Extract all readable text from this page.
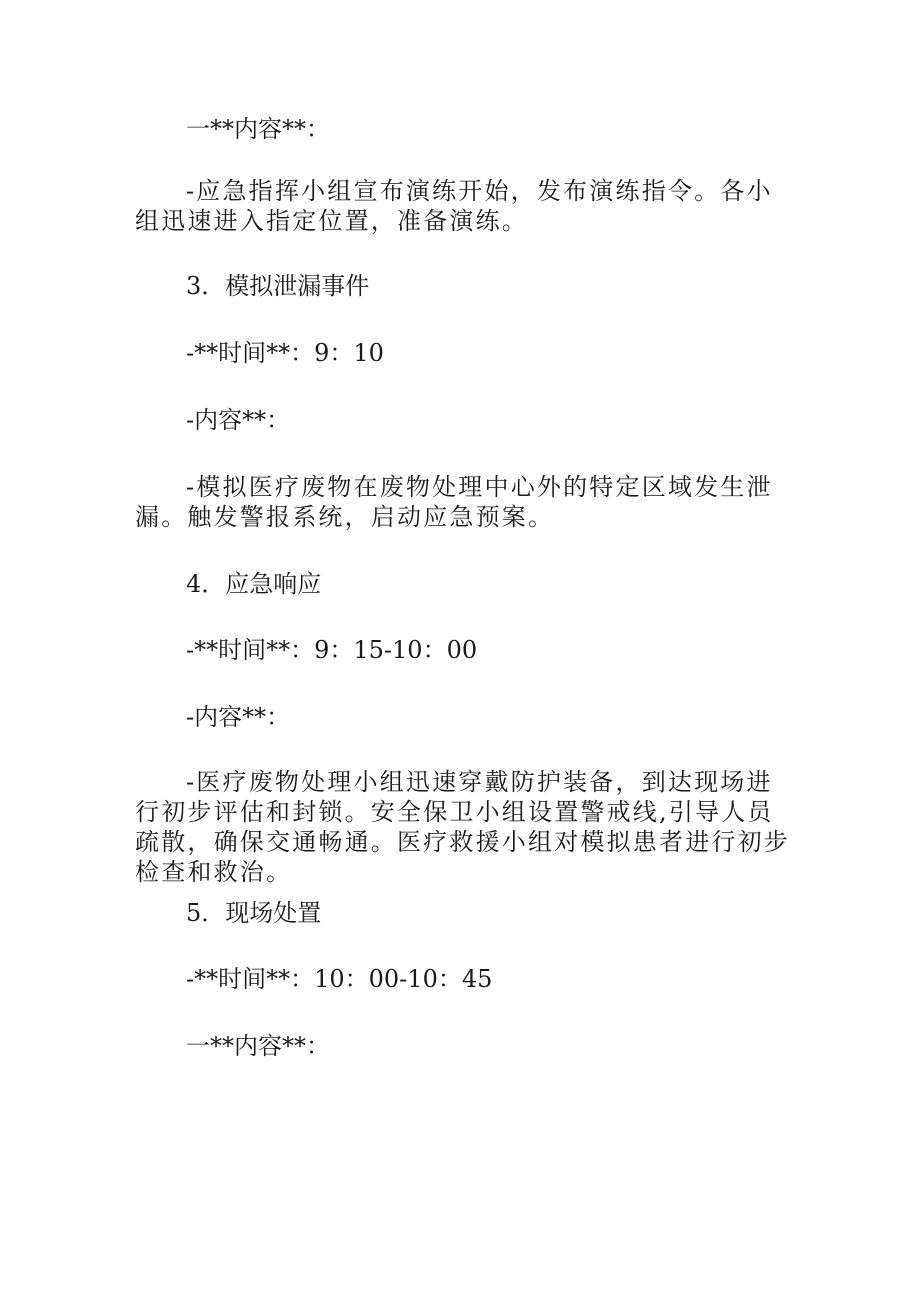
一**内容**：
-应急指挥小组宣布演练开始，发布演练指令。各小组迅速进入指定位置，准备演练。
3．模拟泄漏事件
-**时间**：9：10
-内容**：
-模拟医疗废物在废物处理中心外的特定区域发生泄漏。触发警报系统，启动应急预案。
4．应急响应
-**时间**：9：15-10：00
-内容**：
-医疗废物处理小组迅速穿戴防护装备，到达现场进行初步评估和封锁。安全保卫小组设置警戒线,引导人员疏散，确保交通畅通。医疗救援小组对模拟患者进行初步检查和救治。
5．现场处置
-**时间**：10：00-10：45
一**内容**：
